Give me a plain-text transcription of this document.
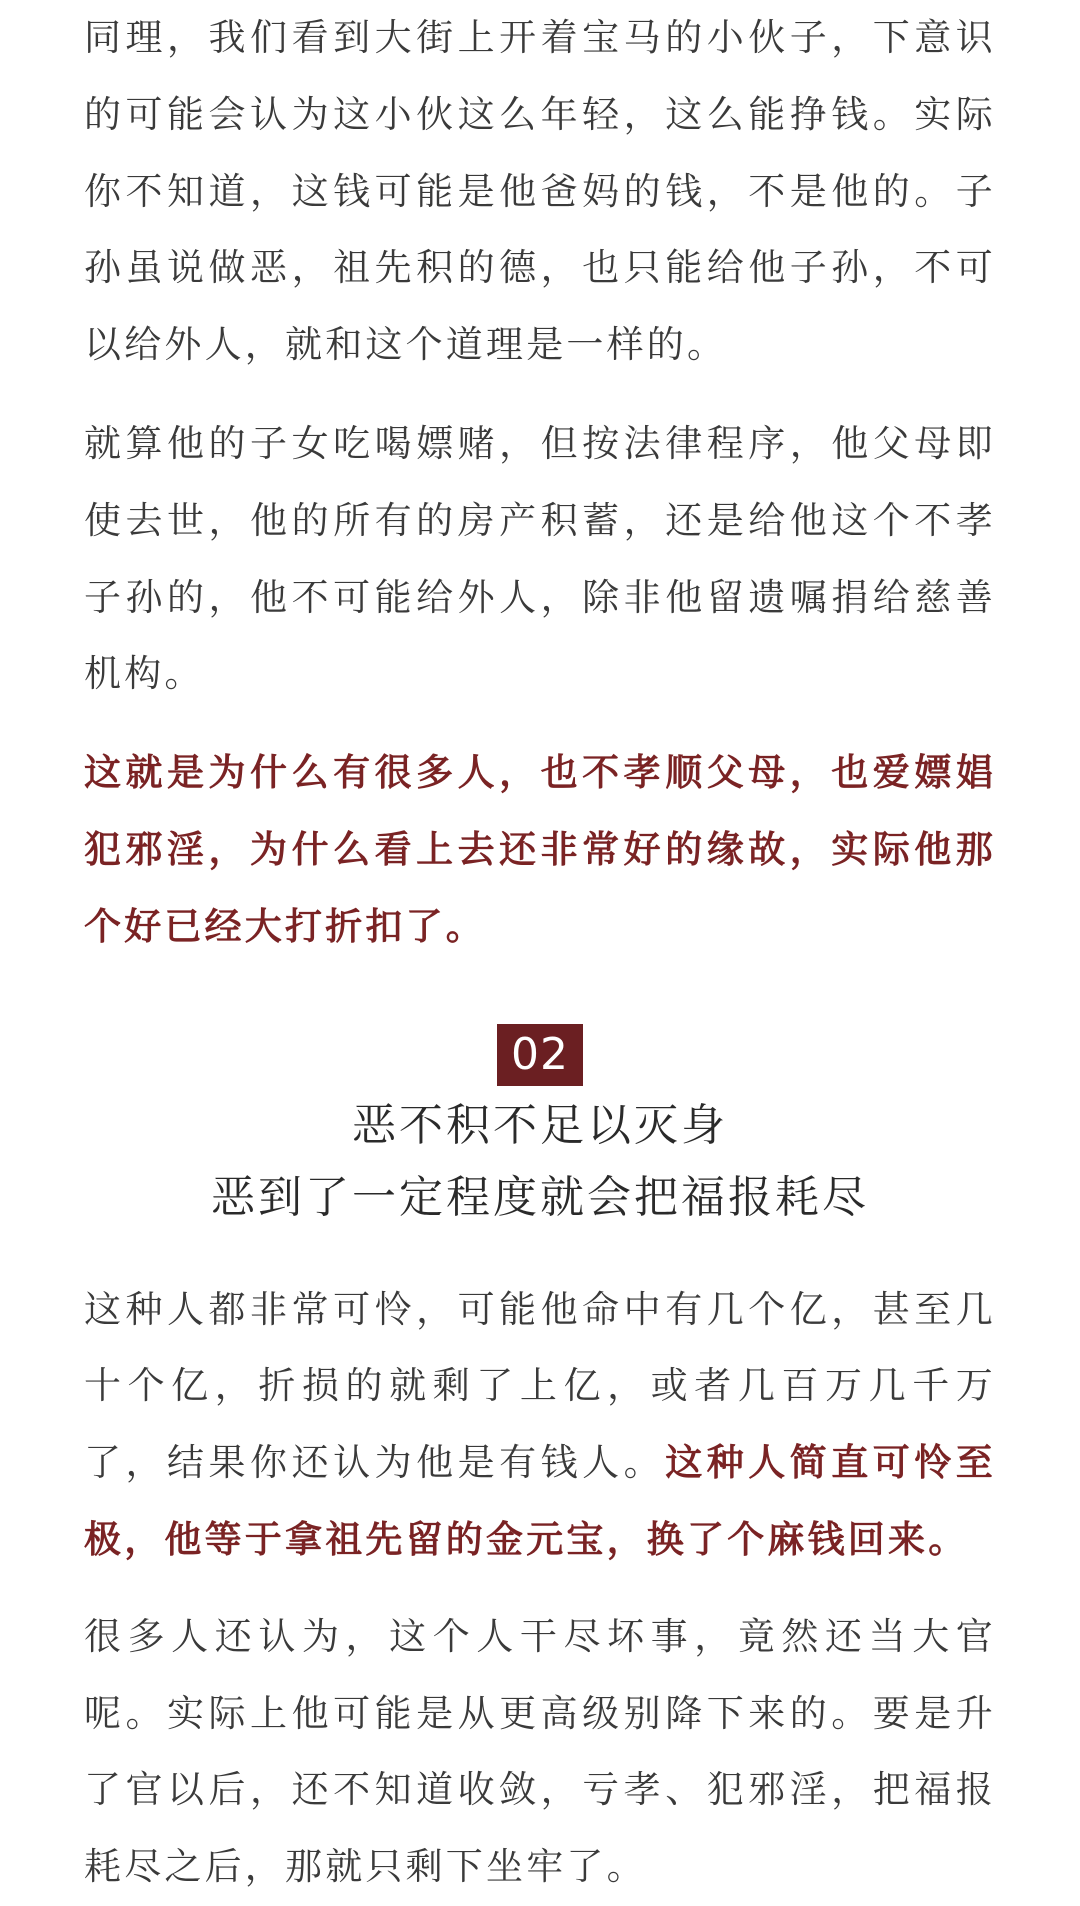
同理，我们看到大街上开着宝马的小伙子，下意识的可能会认为这小伙这么年轻，这么能挣钱。实际你不知道，这钱可能是他爸妈的钱，不是他的。子孙虽说做恶，祖先积的德，也只能给他子孙，不可以给外人，就和这个道理是一样的。

就算他的子女吃喝嫖赌，但按法律程序，他父母即使去世，他的所有的房产积蓄，还是给他这个不孝子孙的，他不可能给外人，除非他留遗嘱捐给慈善机构。

这就是为什么有很多人，也不孝顺父母，也爱嫖娼犯邪淫，为什么看上去还非常好的缘故，实际他那个好已经大打折扣了。

02

恶不积不足以灭身

恶到了一定程度就会把福报耗尽

这种人都非常可怜，可能他命中有几个亿，甚至几十个亿，折损的就剩了上亿，或者几百万几千万了，结果你还认为他是有钱人。这种人简直可怜至极，他等于拿祖先留的金元宝，换了个麻钱回来。

很多人还认为，这个人干尽坏事，竟然还当大官呢。实际上他可能是从更高级别降下来的。要是升了官以后，还不知道收敛，亏孝、犯邪淫，把福报耗尽之后，那就只剩下坐牢了。
